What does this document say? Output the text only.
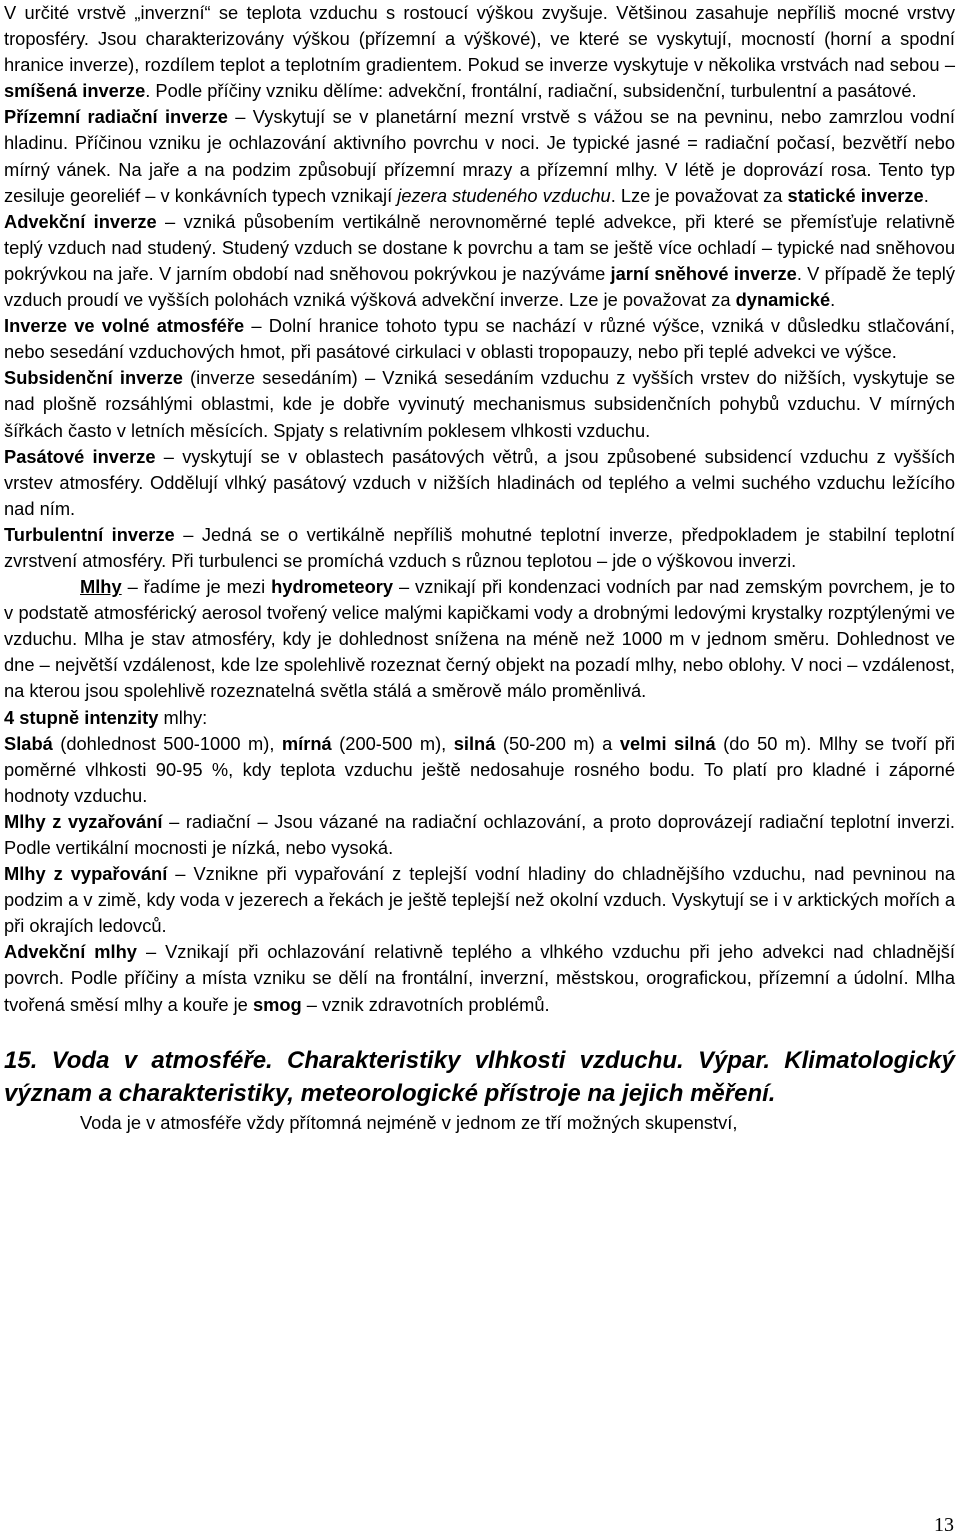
V určité vrstvě „inverzní“ se teplota vzduchu s rostoucí výškou zvyšuje. Většinou zasahuje nepříliš mocné vrstvy troposféry. Jsou charakterizovány výškou (přízemní a výškové), ve které se vyskytují, mocností (horní a spodní hranice inverze), rozdílem teplot a teplotním gradientem. Pokud se inverze vyskytuje v několika vrstvách nad sebou – smíšená inverze. Podle příčiny vzniku dělíme: advekční, frontální, radiační, subsidenční, turbulentní a pasátové.

Přízemní radiační inverze – Vyskytují se v planetární mezní vrstvě s vážou se na pevninu, nebo zamrzlou vodní hladinu. Příčinou vzniku je ochlazování aktivního povrchu v noci. Je typické jasné = radiační počasí, bezvětří nebo mírný vánek. Na jaře a na podzim způsobují přízemní mrazy a přízemní mlhy. V létě je doprovází rosa. Tento typ zesiluje georeliéf – v konkávních typech vznikají jezera studeného vzduchu. Lze je považovat za statické inverze.

Advekční inverze – vzniká působením vertikálně nerovnoměrné teplé advekce, při které se přemísťuje relativně teplý vzduch nad studený. Studený vzduch se dostane k povrchu a tam se ještě více ochladí – typické nad sněhovou pokrývkou na jaře. V jarním období nad sněhovou pokrývkou je nazýváme jarní sněhové inverze. V případě že teplý vzduch proudí ve vyšších polohách vzniká výšková advekční inverze. Lze je považovat za dynamické.

Inverze ve volné atmosféře – Dolní hranice tohoto typu se nachází v různé výšce, vzniká v důsledku stlačování, nebo sesedání vzduchových hmot, při pasátové cirkulaci v oblasti tropopauzy, nebo při teplé advekci ve výšce.

Subsidenční inverze (inverze sesedáním) – Vzniká sesedáním vzduchu z vyšších vrstev do nižších, vyskytuje se nad plošně rozsáhlými oblastmi, kde je dobře vyvinutý mechanismus subsidenčních pohybů vzduchu. V mírných šířkách často v letních měsících. Spjaty s relativním poklesem vlhkosti vzduchu.

Pasátové inverze – vyskytují se v oblastech pasátových větrů, a jsou způsobené subsidencí vzduchu z vyšších vrstev atmosféry. Oddělují vlhký pasátový vzduch v nižších hladinách od teplého a velmi suchého vzduchu ležícího nad ním.

Turbulentní inverze – Jedná se o vertikálně nepříliš mohutné teplotní inverze, předpokladem je stabilní teplotní zvrstvení atmosféry. Při turbulenci se promíchá vzduch s různou teplotou – jde o výškovou inverzi.

Mlhy – řadíme je mezi hydrometeory – vznikají při kondenzaci vodních par nad zemským povrchem, je to v podstatě atmosférický aerosol tvořený velice malými kapičkami vody a drobnými ledovými krystalky rozptýlenými ve vzduchu. Mlha je stav atmosféry, kdy je dohlednost snížena na méně než 1000 m v jednom směru. Dohlednost ve dne – největší vzdálenost, kde lze spolehlivě rozeznat černý objekt na pozadí mlhy, nebo oblohy. V noci – vzdálenost, na kterou jsou spolehlivě rozeznatelná světla stálá a směrově málo proměnlivá.

4 stupně intenzity mlhy:

Slabá (dohlednost 500-1000 m), mírná (200-500 m), silná (50-200 m) a velmi silná (do 50 m). Mlhy se tvoří při poměrné vlhkosti 90-95 %, kdy teplota vzduchu ještě nedosahuje rosného bodu. To platí pro kladné i záporné hodnoty vzduchu.

Mlhy z vyzařování – radiační – Jsou vázané na radiační ochlazování, a proto doprovázejí radiační teplotní inverzi. Podle vertikální mocnosti je nízká, nebo vysoká.

Mlhy z vypařování – Vznikne při vypařování z teplejší vodní hladiny do chladnějšího vzduchu, nad pevninou na podzim a v zimě, kdy voda v jezerech a řekách je ještě teplejší než okolní vzduch. Vyskytují se i v arktických mořích a při okrajích ledovců.

Advekční mlhy – Vznikají při ochlazování relativně teplého a vlhkého vzduchu při jeho advekci nad chladnější povrch. Podle příčiny a místa vzniku se dělí na frontální, inverzní, městskou, orografickou, přízemní a údolní. Mlha tvořená směsí mlhy a kouře je smog – vznik zdravotních problémů.

15. Voda v atmosféře. Charakteristiky vlhkosti vzduchu. Výpar. Klimatologický význam a charakteristiky, meteorologické přístroje na jejich měření.

Voda je v atmosféře vždy přítomná nejméně v jednom ze tří možných skupenství,

13
